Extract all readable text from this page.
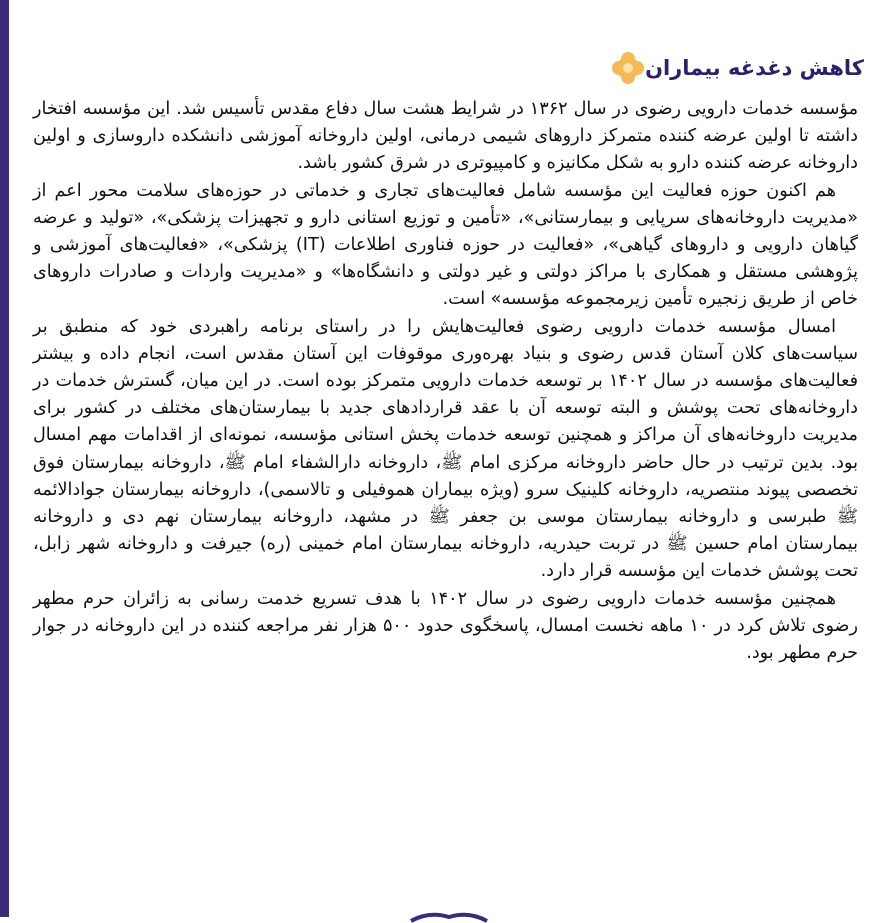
کاهش دغدغه بیماران

مؤسسه خدمات دارویی رضوی در سال ۱۳۶۲ در شرایط هشت سال دفاع مقدس تأسیس شد. این مؤسسه افتخار داشته تا اولین عرضه کننده متمرکز داروهای شیمی درمانی، اولین داروخانه آموزشی دانشکده داروسازی و اولین داروخانه عرضه کننده دارو به شکل مکانیزه و کامپیوتری در شرق کشور باشد.

هم اکنون حوزه فعالیت این مؤسسه شامل فعالیت‌های تجاری و خدماتی در حوزه‌های سلامت محور اعم از «مدیریت داروخانه‌های سرپایی و بیمارستانی»، «تأمین و توزیع استانی دارو و تجهیزات پزشکی»، «تولید و عرضه گیاهان دارویی و داروهای گیاهی»، «فعالیت در حوزه فناوری اطلاعات (IT) پزشکی»، «فعالیت‌های آموزشی و پژوهشی مستقل و همکاری با مراکز دولتی و غیر دولتی و دانشگاه‌ها» و «مدیریت واردات و صادرات داروهای خاص از طریق زنجیره تأمین زیرمجموعه مؤسسه» است.

امسال مؤسسه خدمات دارویی رضوی فعالیت‌هایش را در راستای برنامه راهبردی خود که منطبق بر سیاست‌های کلان آستان قدس رضوی و بنیاد بهره‌وری موقوفات این آستان مقدس است، انجام داده و بیشتر فعالیت‌های مؤسسه در سال ۱۴۰۲ بر توسعه خدمات دارویی متمرکز بوده است. در این میان، گسترش خدمات در داروخانه‌های تحت پوشش و البته توسعه آن با عقد قراردادهای جدید با بیمارستان‌های مختلف در کشور برای مدیریت داروخانه‌های آن مراکز و همچنین توسعه خدمات پخش استانی مؤسسه، نمونه‌ای از اقدامات مهم امسال بود. بدین ترتیب در حال حاضر داروخانه مرکزی امام ﷺ، داروخانه دارالشفاء امام ﷺ، داروخانه بیمارستان فوق تخصصی پیوند منتصریه، داروخانه کلینیک سرو (ویژه بیماران هموفیلی و تالاسمی)، داروخانه بیمارستان جوادالائمه ﷺ طبرسی و داروخانه بیمارستان موسی بن جعفر ﷺ در مشهد، داروخانه بیمارستان نهم دی و داروخانه بیمارستان امام حسین ﷺ در تربت حیدریه، داروخانه بیمارستان امام خمینی (ره) جیرفت و داروخانه شهر زابل، تحت پوشش خدمات این مؤسسه قرار دارد.

همچنین مؤسسه خدمات دارویی رضوی در سال ۱۴۰۲ با هدف تسریع خدمت رسانی به زائران حرم مطهر رضوی تلاش کرد در ۱۰ ماهه نخست امسال، پاسخگوی حدود ۵۰۰ هزار نفر مراجعه کننده در این داروخانه در جوار حرم مطهر بود.
